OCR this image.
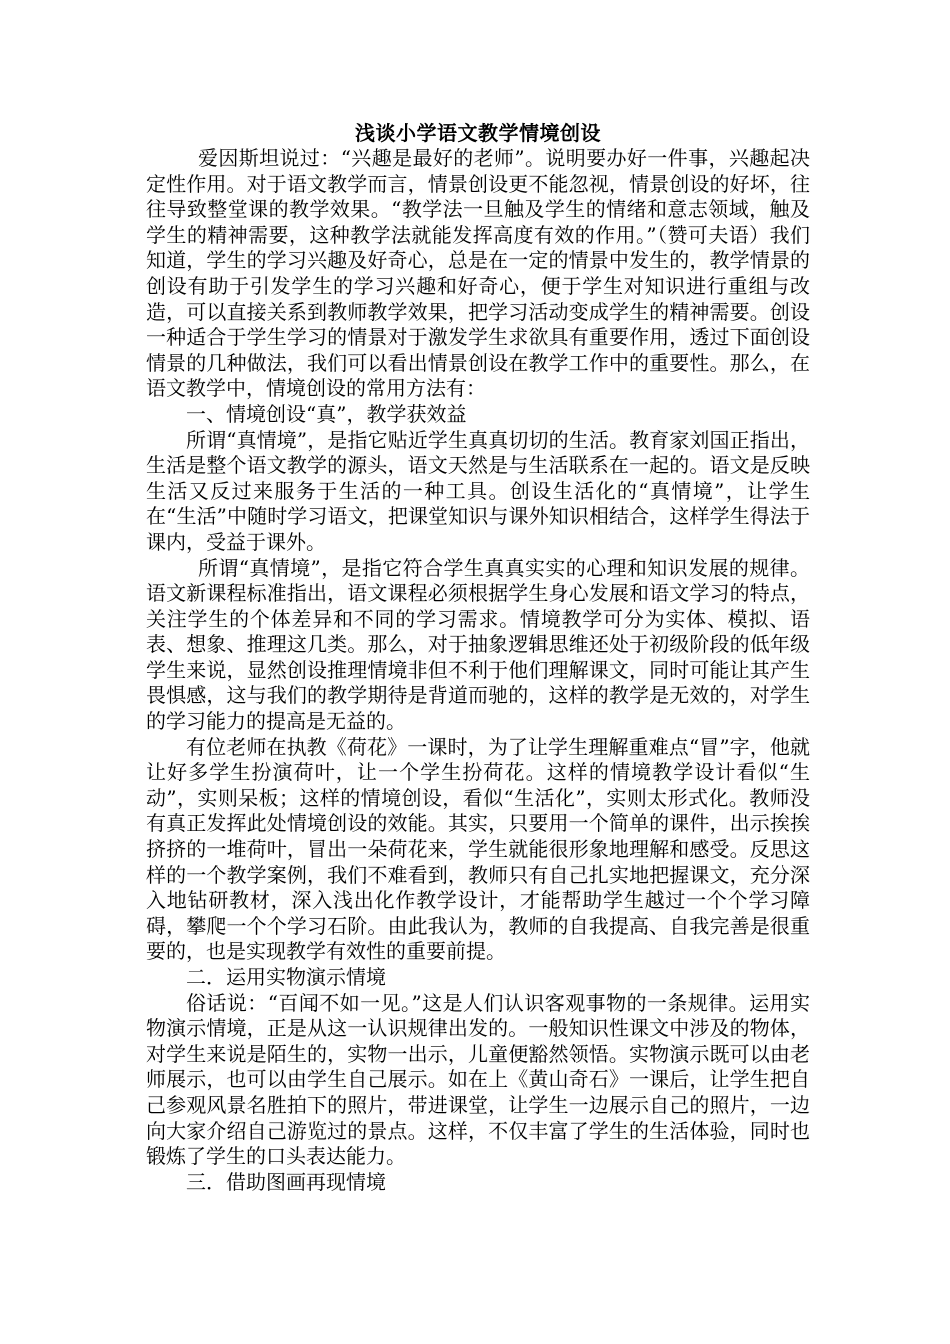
浅谈小学语文教学情境创设

爱因斯坦说过：“兴趣是最好的老师”。说明要办好一件事，兴趣起决定性作用。对于语文教学而言，情景创设更不能忽视，情景创设的好坏，往往导致整堂课的教学效果。“教学法一旦触及学生的情绪和意志领域，触及学生的精神需要，这种教学法就能发挥高度有效的作用。”（赞可夫语）我们知道，学生的学习兴趣及好奇心，总是在一定的情景中发生的，教学情景的创设有助于引发学生的学习兴趣和好奇心，便于学生对知识进行重组与改造，可以直接关系到教师教学效果，把学习活动变成学生的精神需要。创设一种适合于学生学习的情景对于激发学生求欲具有重要作用，透过下面创设情景的几种做法，我们可以看出情景创设在教学工作中的重要性。那么，在语文教学中，情境创设的常用方法有：

一、情境创设“真”，教学获效益

所谓“真情境”，是指它贴近学生真真切切的生活。教育家刘国正指出，生活是整个语文教学的源头，语文天然是与生活联系在一起的。语文是反映生活又反过来服务于生活的一种工具。创设生活化的“真情境”，让学生在“生活”中随时学习语文，把课堂知识与课外知识相结合，这样学生得法于课内，受益于课外。

所谓“真情境”，是指它符合学生真真实实的心理和知识发展的规律。语文新课程标准指出，语文课程必须根据学生身心发展和语文学习的特点，关注学生的个体差异和不同的学习需求。情境教学可分为实体、模拟、语表、想象、推理这几类。那么，对于抽象逻辑思维还处于初级阶段的低年级学生来说，显然创设推理情境非但不利于他们理解课文，同时可能让其产生畏惧感，这与我们的教学期待是背道而驰的，这样的教学是无效的，对学生的学习能力的提高是无益的。

有位老师在执教《荷花》一课时，为了让学生理解重难点“冒”字，他就让好多学生扮演荷叶，让一个学生扮荷花。这样的情境教学设计看似“生动”，实则呆板；这样的情境创设，看似“生活化”，实则太形式化。教师没有真正发挥此处情境创设的效能。其实，只要用一个简单的课件，出示挨挨挤挤的一堆荷叶，冒出一朵荷花来，学生就能很形象地理解和感受。反思这样的一个教学案例，我们不难看到，教师只有自己扎实地把握课文，充分深入地钻研教材，深入浅出化作教学设计，才能帮助学生越过一个个学习障碍，攀爬一个个学习石阶。由此我认为，教师的自我提高、自我完善是很重要的，也是实现教学有效性的重要前提。

二．运用实物演示情境

俗话说：“百闻不如一见。”这是人们认识客观事物的一条规律。运用实物演示情境，正是从这一认识规律出发的。一般知识性课文中涉及的物体，对学生来说是陌生的，实物一出示，儿童便豁然领悟。实物演示既可以由老师展示，也可以由学生自己展示。如在上《黄山奇石》一课后，让学生把自己参观风景名胜拍下的照片，带进课堂，让学生一边展示自己的照片，一边向大家介绍自己游览过的景点。这样，不仅丰富了学生的生活体验，同时也锻炼了学生的口头表达能力。

三．借助图画再现情境
